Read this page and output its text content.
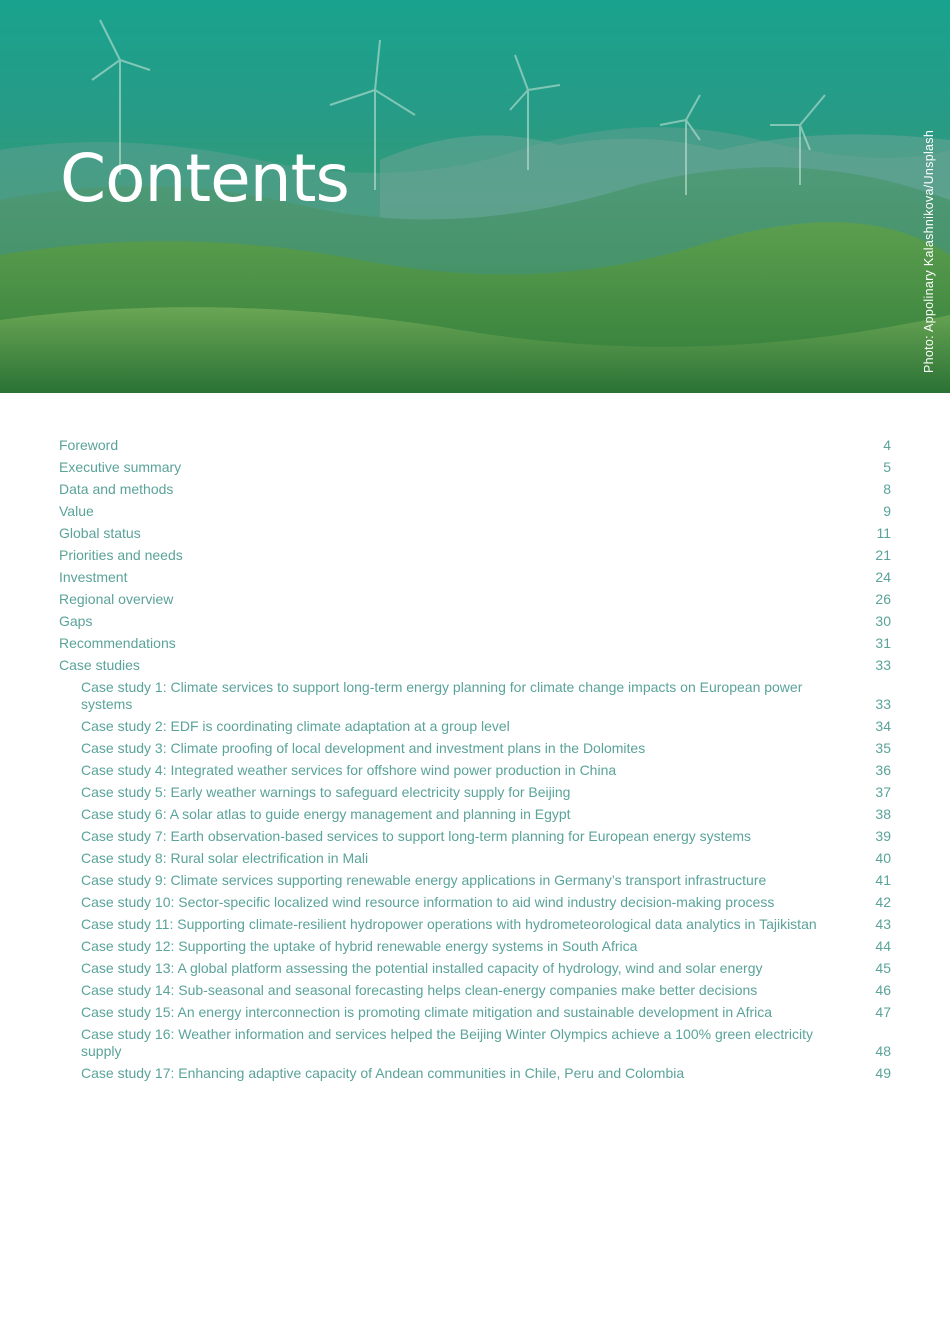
Contents	Photo: Appolinary Kalashnikova/Unsplash
Foreword	4
Executive summary	5
Data and methods	8
Value	9
Global status	11
Priorities and needs	21
Investment	24
Regional overview	26
Gaps	30
Recommendations	31
Case studies	33
Case study 1: Climate services to support long-term energy planning for climate change impacts on European power systems	33
Case study 2: EDF is coordinating climate adaptation at a group level	34
Case study 3: Climate proofing of local development and investment plans in the Dolomites	35
Case study 4: Integrated weather services for offshore wind power production in China	36
Case study 5: Early weather warnings to safeguard electricity supply for Beijing	37
Case study 6: A solar atlas to guide energy management and planning in Egypt	38
Case study 7: Earth observation-based services to support long-term planning for European energy systems	39
Case study 8: Rural solar electrification in Mali	40
Case study 9: Climate services supporting renewable energy applications in Germany’s transport infrastructure	41
Case study 10: Sector-specific localized wind resource information to aid wind industry decision-making process	42
Case study 11: Supporting climate-resilient hydropower operations with hydrometeorological data analytics in Tajikistan	43
Case study 12: Supporting the uptake of hybrid renewable energy systems in South Africa	44
Case study 13: A global platform assessing the potential installed capacity of hydrology, wind and solar energy	45
Case study 14: Sub-seasonal and seasonal forecasting helps clean-energy companies make better decisions	46
Case study 15: An energy interconnection is promoting climate mitigation and sustainable development in Africa	47
Case study 16: Weather information and services helped the Beijing Winter Olympics achieve a 100% green electricity supply	48
Case study 17: Enhancing adaptive capacity of Andean communities in Chile, Peru and Colombia	49
